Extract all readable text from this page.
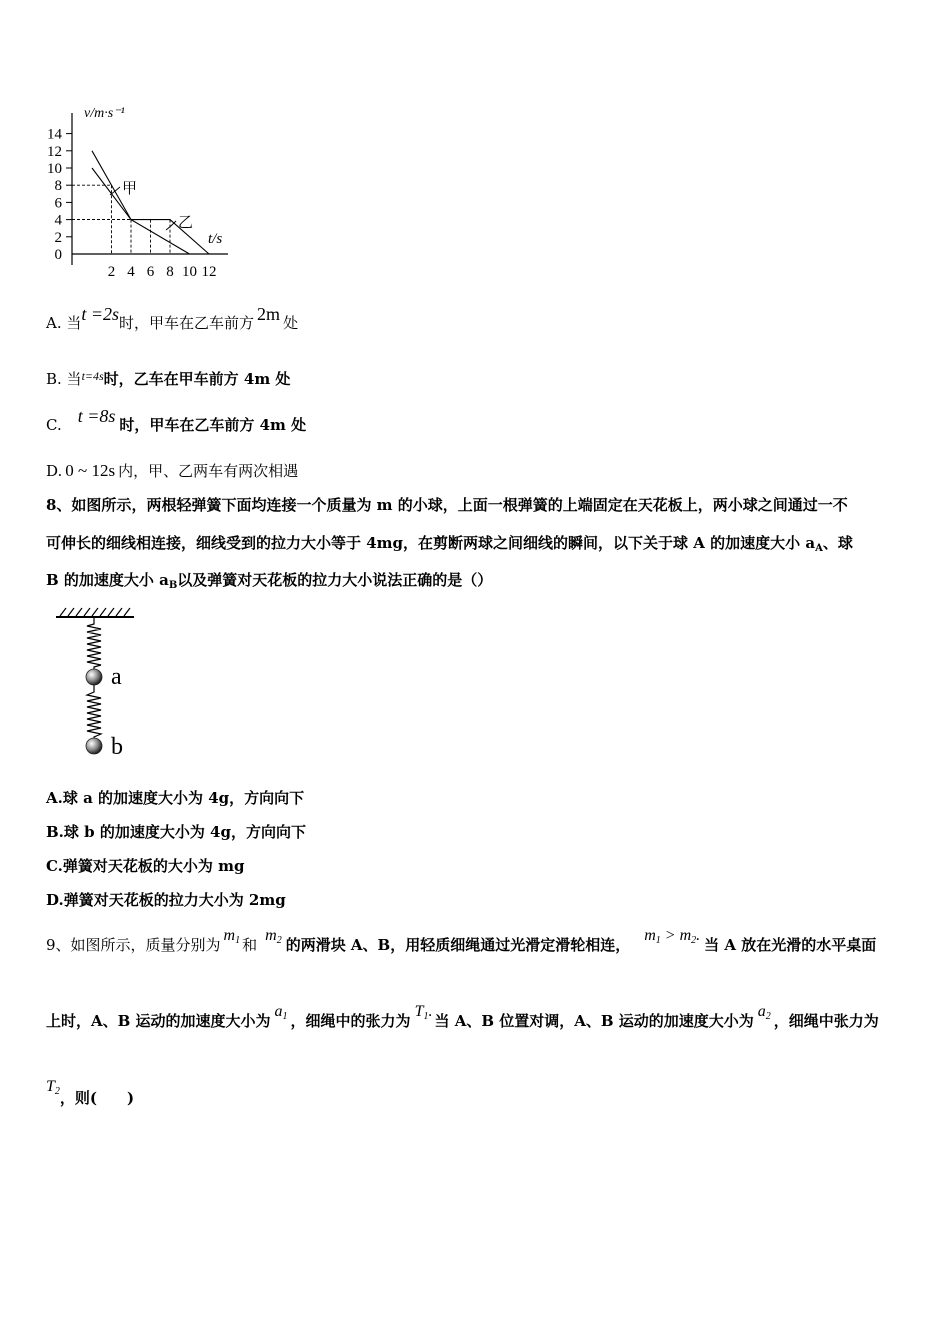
14
12
10
8
6
4
2
0
2 4 6 8 10 12
v/m·s⁻¹
t/s
甲
乙
A. 当t =2s时，甲车在乙车前方 2m 处
B. 当$^{t=4s}$时，乙车在甲车前方 4m 处
C. t =8s 时，甲车在乙车前方 4m 处
D. 0 ~ 12s 内，甲、乙两车有两次相遇
8、如图所示，两根轻弹簧下面均连接一个质量为 m 的小球，上面一根弹簧的上端固定在天花板上，两小球之间通过一不
可伸长的细线相连接，细线受到的拉力大小等于 4mg，在剪断两球之间细线的瞬间，以下关于球 A 的加速度大小 $a_A$、球
B 的加速度大小 $a_B$以及弹簧对天花板的拉力大小说法正确的是（）
a
b
A.球 a 的加速度大小为 4g，方向向下
B.球 b 的加速度大小为 4g，方向向下
C.弹簧对天花板的大小为 mg
D.弹簧对天花板的拉力大小为 2mg
9、如图所示，质量分别为$m_1$ 和$m_2$ 的两滑块 A、B，用轻质细绳通过光滑定滑轮相连，$m_1 > m_2$.当 A 放在光滑的水平桌面
上时，A、B 运动的加速度大小为$a_1$ ，细绳中的张力为$T_1$.当 A、B 位置对调，A、B 运动的加速度大小为$a_2$ ，细绳中张力为
$T_2$，则(　　)
